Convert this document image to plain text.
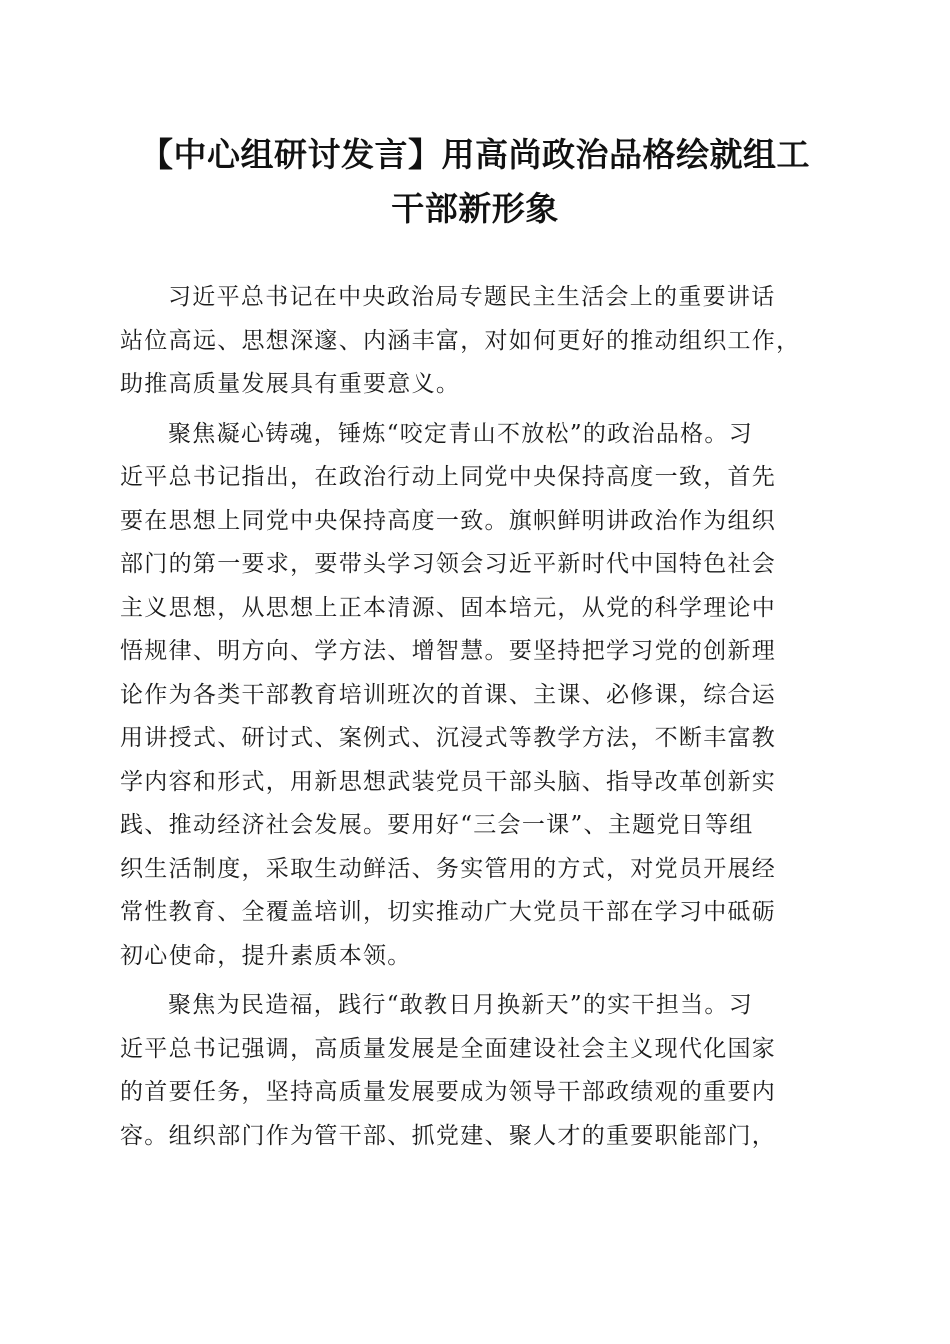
【中心组研讨发言】用高尚政治品格绘就组工
干部新形象

习近平总书记在中央政治局专题民主生活会上的重要讲话
站位高远、思想深邃、内涵丰富，对如何更好的推动组织工作，
助推高质量发展具有重要意义。

聚焦凝心铸魂，锤炼“咬定青山不放松”的政治品格。习
近平总书记指出，在政治行动上同党中央保持高度一致，首先
要在思想上同党中央保持高度一致。旗帜鲜明讲政治作为组织
部门的第一要求，要带头学习领会习近平新时代中国特色社会
主义思想，从思想上正本清源、固本培元，从党的科学理论中
悟规律、明方向、学方法、增智慧。要坚持把学习党的创新理
论作为各类干部教育培训班次的首课、主课、必修课，综合运
用讲授式、研讨式、案例式、沉浸式等教学方法，不断丰富教
学内容和形式，用新思想武装党员干部头脑、指导改革创新实
践、推动经济社会发展。要用好“三会一课”、主题党日等组
织生活制度，采取生动鲜活、务实管用的方式，对党员开展经
常性教育、全覆盖培训，切实推动广大党员干部在学习中砥砺
初心使命，提升素质本领。

聚焦为民造福，践行“敢教日月换新天”的实干担当。习
近平总书记强调，高质量发展是全面建设社会主义现代化国家
的首要任务，坚持高质量发展要成为领导干部政绩观的重要内
容。组织部门作为管干部、抓党建、聚人才的重要职能部门，
